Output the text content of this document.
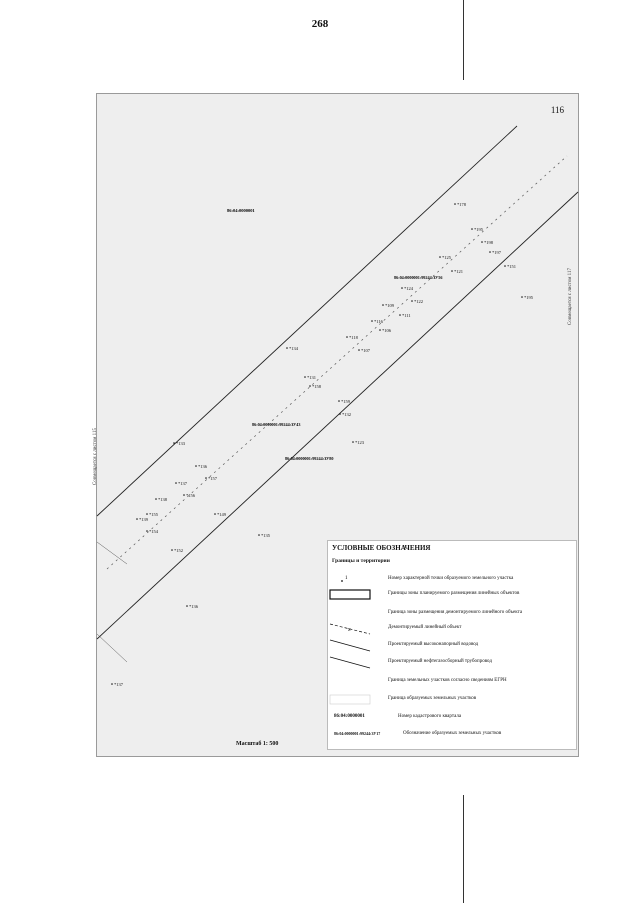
268
*178
*195
*198
*197
*125
*121
*151
*195
*124
*122
*109
*111
*116
*106
*118
*107
*134
*131
*158
*159
*132
*133	*123
*136
*157
*137
*156
*138
*155
*139
*154
*149
*135
*152
*136
*137
86:04:0000001
86:04:0000001:99244:ЗУ56
86:04:0000001:99244:ЗУ43
86:04:0000001:99244:ЗУ80
116
Совмещается с листом 115
Совмещается с листом 117
УСЛОВНЫЕ ОБОЗНАЧЕНИЯ
Границы и территории
1	Номер характерной точки образуемого земельного участка
Границы зоны планируемого размещения линейных объектов
Граница зоны размещения демонтируемого линейного объекта
x	Демонтируемый линейный объект
Проектируемый высоконапорный водовод
Проектируемый нефтегазосборный трубопровод
Граница земельных участков согласно сведениям ЕГРН
Граница образуемых земельных участков
86:04:0000001	Номер кадастрового квартала
86:04:0000001:99244:ЗУ17	Обозначение образуемых земельных участков
Масштаб 1: 500
